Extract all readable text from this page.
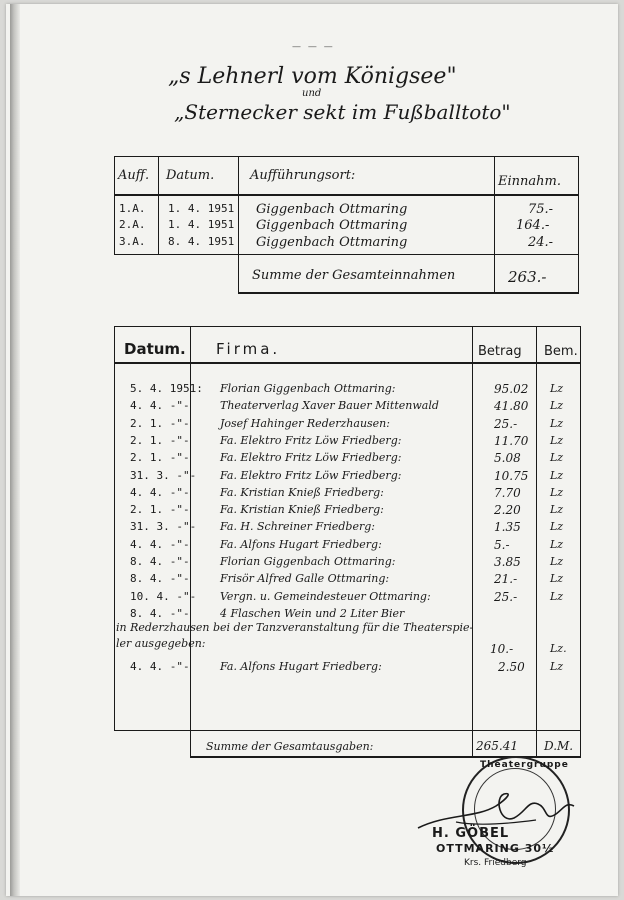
— — —
„s Lehnerl vom Königsee"
und
„Sternecker sekt im Fußballtoto"
Auff. Datum.	Aufführungsort:	Einnahm.
1.A. 1. 4. 1951 Giggenbach Ottmaring	75.-
2.A. 1. 4. 1951 Giggenbach Ottmaring	164.-
3.A. 8. 4. 1951 Giggenbach Ottmaring	24.-
Summe der Gesamteinnahmen	263.-
Datum. Firma.	Betrag Bem.
5. 4. 1951: Florian Giggenbach Ottmaring:	95.02 Lz
4. 4. -"-	Theaterverlag Xaver Bauer Mittenwald	41.80 Lz
2. 1. -"-	Josef Hahinger Rederzhausen:	25.-	Lz
2. 1. -"-	Fa. Elektro Fritz Löw Friedberg:	11.70 Lz
2. 1. -"-	Fa. Elektro Fritz Löw Friedberg:	5.08	Lz
31. 3. -"- Fa. Elektro Fritz Löw Friedberg:	10.75 Lz
4. 4. -"-	Fa. Kristian Knieß Friedberg:	7.70	Lz
2. 1. -"-	Fa. Kristian Knieß Friedberg:	2.20	Lz
31. 3. -"- Fa. H. Schreiner Friedberg:	1.35	Lz
4. 4. -"-	Fa. Alfons Hugart Friedberg:	5.-	Lz
8. 4. -"-	Florian Giggenbach Ottmaring:	3.85	Lz
8. 4. -"-	Frisör Alfred Galle Ottmaring:	21.-	Lz
10. 4. -"- Vergn. u. Gemeindesteuer Ottmaring:	25.-	Lz
8. 4. -"-	4 Flaschen Wein und 2 Liter Bier
in Rederzhausen bei der Tanzveranstaltung für die Theaterspie-
ler ausgegeben:	10.-	Lz.
4. 4. -"-	Fa. Alfons Hugart Friedberg:	2.50 Lz
Summe der Gesamtausgaben:	265.41 D.M.
Theatergruppe
H. GÖBEL
OTTMARING 30½
Krs. Friedberg
